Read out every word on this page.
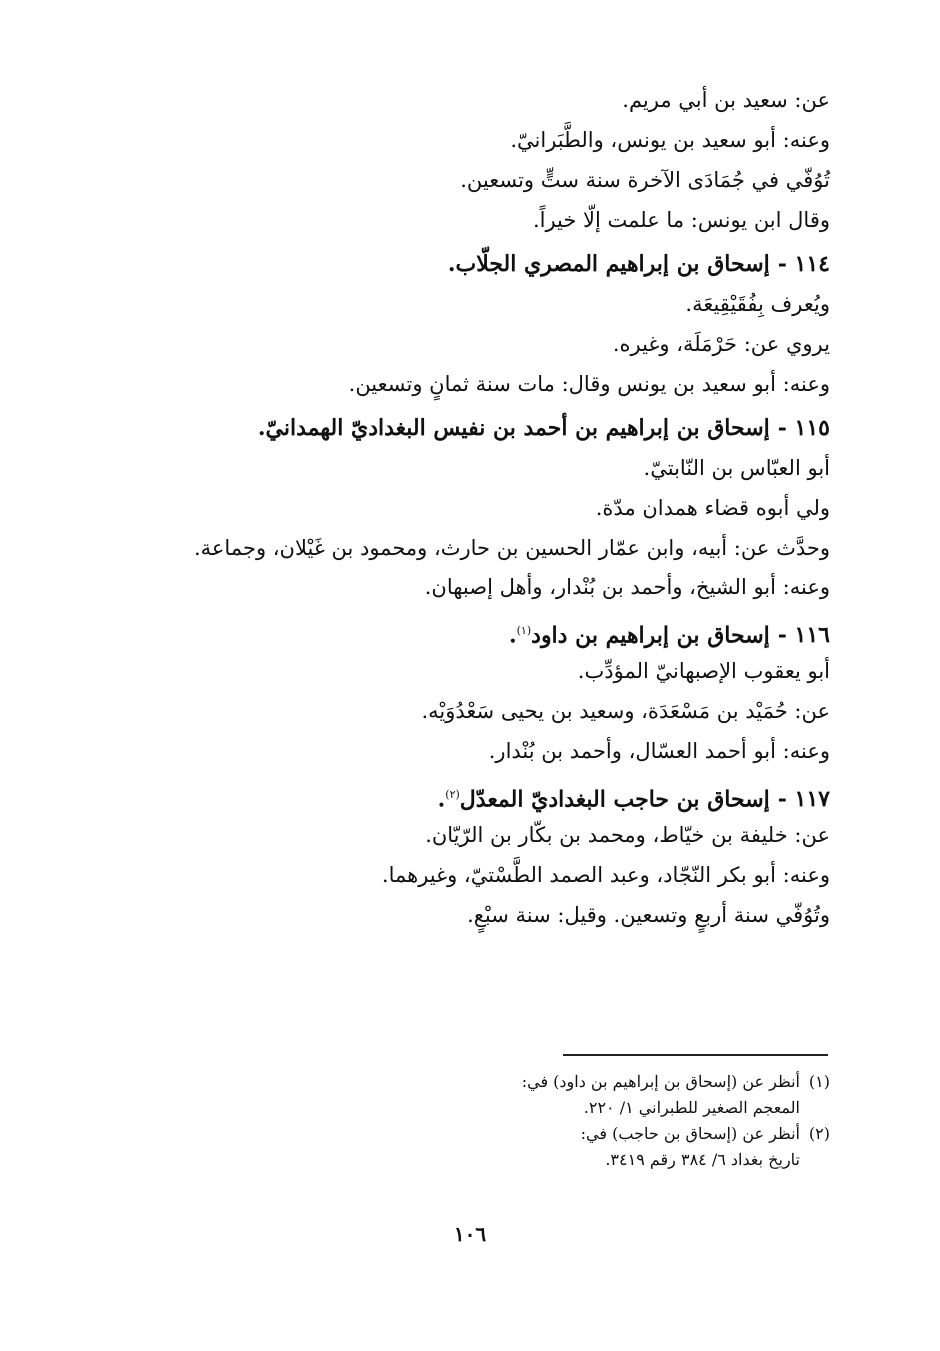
عن: سعيد بن أبي مريم.
وعنه: أبو سعيد بن يونس، والطَّبَرانيّ.
تُوُفّي في جُمَادَى الآخرة سنة ستٍّ وتسعين.
وقال ابن يونس: ما علمت إلّا خيراً.
١١٤ -إسحاق بن إبراهيم المصري الجلّاب.
ويُعرف بِفُقَيْقِيعَة.
يروي عن: حَرْمَلَة، وغيره.
وعنه: أبو سعيد بن يونس وقال: مات سنة ثمانٍ وتسعين.
١١٥ -إسحاق بن إبراهيم بن أحمد بن نفيس البغداديّ الهمدانيّ.
أبو العبّاس بن النّابتيّ.
ولي أبوه قضاء همدان مدّة.
وحدَّث عن: أبيه، وابن عمّار الحسين بن حارث، ومحمود بن غَيْلان، وجماعة.
وعنه: أبو الشيخ، وأحمد بن بُنْدار، وأهل إصبهان.
١١٦ -إسحاق بن إبراهيم بن داود$^{(١)}$.
أبو يعقوب الإصبهانيّ المؤدِّب.
عن: حُمَيْد بن مَسْعَدَة، وسعيد بن يحيى سَعْدُوَيْه.
وعنه: أبو أحمد العسّال، وأحمد بن بُنْدار.
١١٧ -إسحاق بن حاجب البغداديّ المعدّل$^{(٢)}$.
عن: خليفة بن خيّاط، ومحمد بن بكّار بن الرّيّان.
وعنه: أبو بكر النّجّاد، وعبد الصمد الطَّسْتيّ، وغيرهما.
وتُوُفّي سنة أربعٍ وتسعين. وقيل: سنة سبْعٍ.
(١)أنظر عن (إسحاق بن إبراهيم بن داود) في:
المعجم الصغير للطبراني ١/ ٢٢٠.
(٢)أنظر عن (إسحاق بن حاجب) في:
تاريخ بغداد ٦/ ٣٨٤ رقم ٣٤١٩.
١٠٦
